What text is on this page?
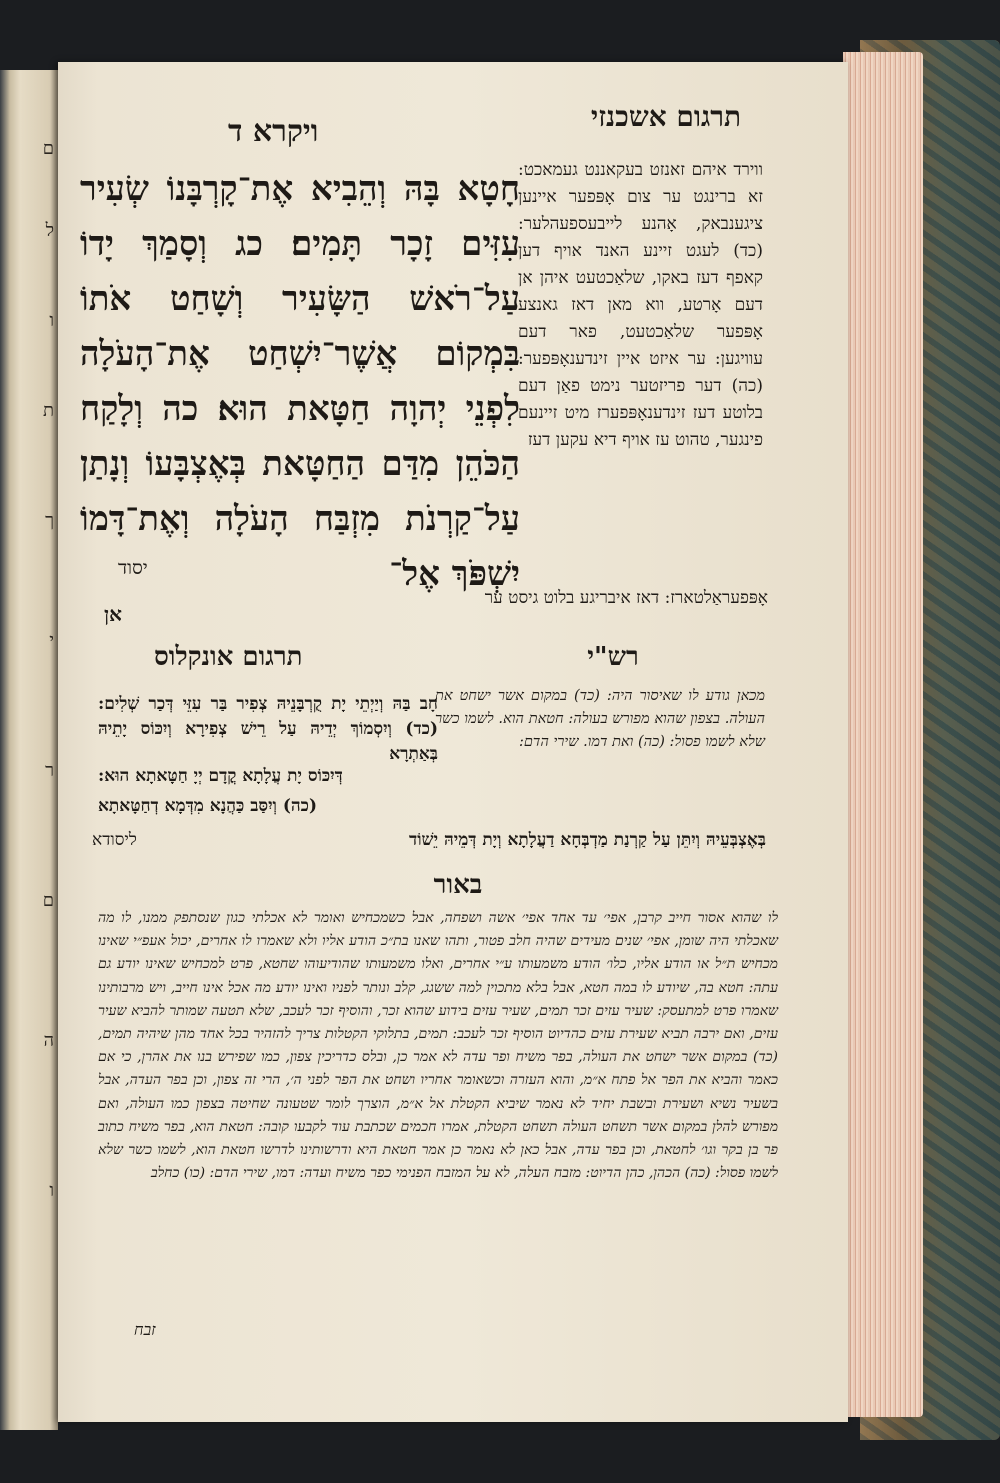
ם
ל
ו
ת
ך
י
ר
ם
ה
ו
ויקרא ד	תרגום אשכנזי
חָטָא בָּהּ וְהֵבִיא אֶת־קָרְבָּנוֹ שְׂעִיר עִזִּים זָכָר תָּמִים׃ כג וְסָמַךְ יָדוֹ עַל־רֹאשׁ הַשָּׂעִיר וְשָׁחַט אֹתוֹ בִּמְקוֹם אֲשֶׁר־יִשְׁחַט אֶת־הָעֹלָה לִפְנֵי יְהוָה חַטָּאת הוּא׃ כה וְלָקַח הַכֹּהֵן מִדַּם הַחַטָּאת בְּאֶצְבָּעוֹ וְנָתַן עַל־קַרְנֹת מִזְבַּח הָעֹלָה וְאֶת־דָּמוֹ יִשְׁפֹּךְ אֶל־
יסוד
ווירד איהם זאנזט בעקאננט געמאכט: זא ברינגט ער צום אָפּפער איינען ציגענבאק, אָהנע לייבעספעהלער: (כד) לעגט זיינע האנד אויף דען קאפף דעז באקו, שלאַכטעט איהן אן דעם אָרטע, ווא מאן דאז גאנצע אָפּפער שלאַכטעט, פאר דעם עוויגען: ער איזט איין זינדענאָפּפער: (כה) דער פריזטער נימט פאַן דעם בלוטע דעז זינדענאָפּפערז מיט זיינעם פינגער, טהוט עז אויף דיא עקען דעז
אָפּפעראַלטארז: דאז איבריגע בלוט גיסט ער
אן
תרגום אונקלוס	רש"י
מכאן גודע לו שאיסור היה: (כד) במקום אשר ישחט את העולה. בצפון שהוא מפורש בעולה: חטאת הוא. לשמו כשר שלא לשמו פסול: (כה) ואת דמו. שירי הדם:
חָב בַּהּ וְיַיְתֵי יָת קֻרְבָּנֵיהּ צְפִיר בַּר עִזֵּי דְּכַר שְׁלִים: (כד) וְיִסְמוֹךְ יְדֵיהּ עַל רֵישׁ צְפִירָא וְיִכּוֹס יָתֵיהּ בְּאַתְרָא
דְּיִכּוֹס יָת עֲלָתָא קֳדָם יְיָ חַטָּאתָא הוּא:
(כה) וְיִסַּב כַּהֲנָא מִדְּמָא דְחַטָּאתָא
בְּאֶצְבְּעֵיהּ וְיִתֵּן עַל קַרְנַת מַדְבְּחָא דַעֲלָתָא וְיָת דְּמֵיהּ יֵשׁוֹד
ליסודא
באור
לו שהוא אסור חייב קרבן, אפי׳ עד אחד אפי׳ אשה ושפחה, אבל כשמכחיש ואומר לא אכלתי כגון שנסתפק ממנו, לו מה שאכלתי היה שומן, אפי׳ שנים מעידים שהיה חלב פטור, ותהו שאנו בת״כ הודע אליו ולא שאמרו לו אחרים, יכול אעפ״י שאינו מכחיש ת״ל או הודע אליו, כלו׳ הודע משמעותו ע״י אחרים, ואלו משמעותו שהודיעוהו שחטא, פרט למכחיש שאינו יודע גם עתה: חטא בה, שיודע לו במה חטא, אבל בלא מתכוין למה ששגג, קלב ונותר לפניו ואינו יודע מה אכל אינו חייב, ויש מרבותינו שאמרו פרט למתעסק: שעיר עזים זכר תמים, שעיר עזים בידוע שהוא זכר, והוסיף זכר לעכב, שלא תטעה שמותר להביא שעיר עזים, ואם ירבה תביא שעירת עזים כהדיוט הוסיף זכר לעכב: תמים, בתלוקי הקטלות צריך להזהיר בכל אחד מהן שיהיה תמים, (כד) במקום אשר ישחט את העולה, בפר משיח ופר עדה לא אמר כן, ובלס כדריכין צפון, כמו שפירש בנו את אהרן, כי אם כאמר והביא את הפר אל פתח א״מ, והוא העזרה וכשאומר אחריו ושחט את הפר לפני ה׳, הרי זה צפון, וכן בפר העדה, אבל בשעיר נשיא ושעירת ובשבת יחיד לא נאמר שיביא הקטלת אל א״מ, הוצרך לומר שטעונה שחיטה בצפון כמו העולה, ואם מפורש להלן במקום אשר תשחט העולה תשחט הקטלת, אמרו חכמים שכתבת עוד לקבעו קובה: חטאת הוא, בפר משיח כתוב פר בן בקר וגו׳ לחטאת, וכן בפר עדה, אבל כאן לא נאמר כן אמר חטאת היא ודרשותינו לדרשו חטאת הוא, לשמו כשר שלא לשמו פסול: (כה) הכהן, כהן הדיוט: מזבח העלה, לא על המזבח הפנימי כפר משיח ועדה: דמו, שירי הדם: (כו) כחלב
זבח
